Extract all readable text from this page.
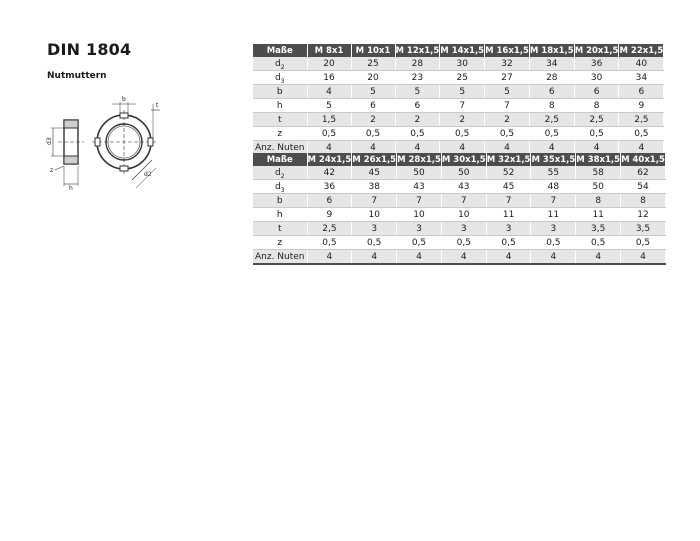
DIN 1804
Nutmuttern
b
t
d3
z
h
d2
Maße	M 8x1	M 10x1	M 12x1,5	M 14x1,5	M 16x1,5	M 18x1,5	M 20x1,5	M 22x1,5
$d_2$	20	25	28	30	32	34	36	40
$d_3$	16	20	23	25	27	28	30	34
b	4	5	5	5	5	6	6	6
h	5	6	6	7	7	8	8	9
t	1,5	2	2	2	2	2,5	2,5	2,5
z	0,5	0,5	0,5	0,5	0,5	0,5	0,5	0,5
Anz. Nuten	4	4	4	4	4	4	4	4
Maße	M 24x1,5	M 26x1,5	M 28x1,5	M 30x1,5	M 32x1,5	M 35x1,5	M 38x1,5	M 40x1,5
$d_2$	42	45	50	50	52	55	58	62
$d_3$	36	38	43	43	45	48	50	54
b	6	7	7	7	7	7	8	8
h	9	10	10	10	11	11	11	12
t	2,5	3	3	3	3	3	3,5	3,5
z	0,5	0,5	0,5	0,5	0,5	0,5	0,5	0,5
Anz. Nuten	4	4	4	4	4	4	4	4
